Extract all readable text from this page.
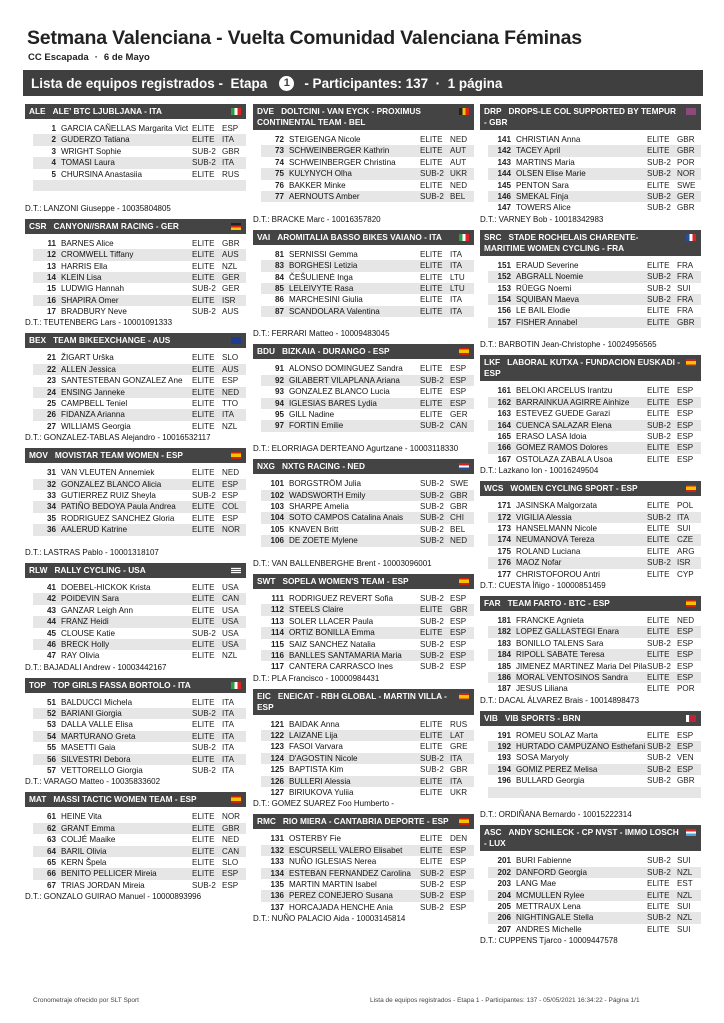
Setmana Valenciana - Vuelta Comunidad Valenciana Féminas
CC Escapada · 6 de Mayo
Lista de equipos registrados -  Etapa	1	- Participantes: 137  ·  1 página
ALE ALE' BTC LJUBLJANA - ITA
1 GARCIA CAÑELLAS Margarita Vict ELITE ESP
2 GUDERZO Tatiana	ELITE ITA
3 WRIGHT Sophie	SUB-2 GBR
4 TOMASI Laura	SUB-2 ITA
5 CHURSINA Anastasiia	ELITE RUS
D.T.: LANZONI Giuseppe - 10035804805
CSR CANYON//SRAM RACING - GER
11 BARNES Alice	ELITE GBR
12 CROMWELL Tiffany	ELITE AUS
13 HARRIS Ella	ELITE NZL
14 KLEIN Lisa	ELITE GER
15 LUDWIG Hannah	SUB-2 GER
16 SHAPIRA Omer	ELITE ISR
17 BRADBURY Neve	SUB-2 AUS
D.T.: TEUTENBERG Lars - 10001091333
BEX TEAM BIKEEXCHANGE - AUS
21 ŽIGART Urška	ELITE SLO
22 ALLEN Jessica	ELITE AUS
23 SANTESTEBAN GONZALEZ Ane	ELITE ESP
24 ENSING Janneke	ELITE NED
25 CAMPBELL Teniel	ELITE TTO
26 FIDANZA Arianna	ELITE ITA
27 WILLIAMS Georgia	ELITE NZL
D.T.: GONZALEZ-TABLAS Alejandro - 10016532117
MOV MOVISTAR TEAM WOMEN - ESP
31 VAN VLEUTEN Annemiek	ELITE NED
32 GONZALEZ BLANCO Alicia	ELITE ESP
33 GUTIERREZ RUIZ Sheyla	SUB-2 ESP
34 PATIÑO BEDOYA Paula Andrea	ELITE COL
35 RODRIGUEZ SANCHEZ Gloria	ELITE ESP
36 AALERUD Katrine	ELITE NOR
D.T.: LASTRAS Pablo - 10001318107
RLW RALLY CYCLING - USA
41 DOEBEL-HICKOK Krista	ELITE USA
42 POIDEVIN Sara	ELITE CAN
43 GANZAR Leigh Ann	ELITE USA
44 FRANZ Heidi	ELITE USA
45 CLOUSE Katie	SUB-2 USA
46 BRECK Holly	ELITE USA
47 RAY Olivia	ELITE NZL
D.T.: BAJADALI Andrew - 10003442167
TOP TOP GIRLS FASSA BORTOLO - ITA
51 BALDUCCI Michela	ELITE ITA
52 BARIANI Giorgia	SUB-2 ITA
53 DALLA VALLE Elisa	ELITE ITA
54 MARTURANO Greta	ELITE ITA
55 MASETTI Gaia	SUB-2 ITA
56 SILVESTRI Debora	ELITE ITA
57 VETTORELLO Giorgia	SUB-2 ITA
D.T.: VARAGO Matteo - 10035833602
MAT MASSI TACTIC WOMEN TEAM - ESP
61 HEINE Vita	ELITE NOR
62 GRANT Emma	ELITE GBR
63 COLJÉ Maaike	ELITE NED
64 BARIL Olivia	ELITE CAN
65 KERN Špela	ELITE SLO
66 BENITO PELLICER Mireia	ELITE ESP
67 TRIAS JORDAN Mireia	SUB-2 ESP
D.T.: GONZALO GUIRAO Manuel - 10000893996
DVE DOLTCINI - VAN EYCK - PROXIMUS CONTINENTAL TEAM - BEL
72 STEIGENGA Nicole	ELITE NED
73 SCHWEINBERGER Kathrin	ELITE AUT
74 SCHWEINBERGER Christina	ELITE AUT
75 KULYNYCH Olha	SUB-2 UKR
76 BAKKER Minke	ELITE NED
77 AERNOUTS Amber	SUB-2 BEL
D.T.: BRACKE Marc - 10016357820
VAI AROMITALIA BASSO BIKES VAIANO - ITA
81 SERNISSI Gemma	ELITE ITA
83 BORGHESI Letizia	ELITE ITA
84 ČEŠULIENĖ Inga	ELITE LTU
85 LELEIVYTE Rasa	ELITE LTU
86 MARCHESINI Giulia	ELITE ITA
87 SCANDOLARA Valentina	ELITE ITA
D.T.: FERRARI Matteo - 10009483045
BDU BIZKAIA - DURANGO - ESP
91 ALONSO DOMINGUEZ Sandra	ELITE ESP
92 GILABERT VILAPLANA Ariana	SUB-2 ESP
93 GONZALEZ BLANCO Lucia	ELITE ESP
94 IGLESIAS BARES Lydia	ELITE ESP
95 GILL Nadine	ELITE GER
97 FORTIN Emilie	SUB-2 CAN
D.T.: ELORRIAGA DERTEANO Agurtzane - 10003118330
NXG NXTG RACING - NED
101 BORGSTRÖM Julia	SUB-2 SWE
102 WADSWORTH Emily	SUB-2 GBR
103 SHARPE Amelia	SUB-2 GBR
104 SOTO CAMPOS Catalina Anais	SUB-2 CHI
105 KNAVEN Britt	SUB-2 BEL
106 DE ZOETE Mylene	SUB-2 NED
D.T.: VAN BALLENBERGHE Brent - 10003096001
SWT SOPELA WOMEN'S TEAM - ESP
111 RODRIGUEZ REVERT Sofia	SUB-2 ESP
112 STEELS Claire	ELITE GBR
113 SOLER LLACER Paula	SUB-2 ESP
114 ORTIZ BONILLA Emma	ELITE ESP
115 SAIZ SANCHEZ Natalia	SUB-2 ESP
116 BANLLES SANTAMARIA Maria	SUB-2 ESP
117 CANTERA CARRASCO Ines	SUB-2 ESP
D.T.: PLA Francisco - 10000984431
EIC ENEICAT - RBH GLOBAL - MARTIN VILLA - ESP
121 BAIDAK Anna	ELITE RUS
122 LAIZANE Lija	ELITE LAT
123 FASOI Varvara	ELITE GRE
124 D'AGOSTIN Nicole	SUB-2 ITA
125 BAPTISTA Kim	SUB-2 GBR
126 BULLERI Alessia	ELITE ITA
127 BIRIUKOVA Yuliia	ELITE UKR
D.T.: GOMEZ SUAREZ Foo Humberto -
RMC RIO MIERA - CANTABRIA DEPORTE - ESP
131 OSTERBY Fie	ELITE DEN
132 ESCURSELL VALERO Elisabet	ELITE ESP
133 NUÑO IGLESIAS Nerea	ELITE ESP
134 ESTEBAN FERNANDEZ Carolina	SUB-2 ESP
135 MARTIN MARTIN Isabel	SUB-2 ESP
136 PEREZ CONEJERO Susana	SUB-2 ESP
137 HORCAJADA HENCHE Ania	SUB-2 ESP
D.T.: NUÑO PALACIO Aida - 10003145814
DRP DROPS-LE COL SUPPORTED BY TEMPUR - GBR
141 CHRISTIAN Anna	ELITE GBR
142 TACEY April	ELITE GBR
143 MARTINS Maria	SUB-2 POR
144 OLSEN Elise Marie	SUB-2 NOR
145 PENTON Sara	ELITE SWE
146 SMEKAL Finja	SUB-2 GER
147 TOWERS Alice	SUB-2 GBR
D.T.: VARNEY Bob - 10018342983
SRC STADE ROCHELAIS CHARENTE- MARITIME WOMEN CYCLING - FRA
151 ERAUD Severine	ELITE FRA
152 ABGRALL Noemie	SUB-2 FRA
153 RÜEGG Noemi	SUB-2 SUI
154 SQUIBAN Maeva	SUB-2 FRA
156 LE BAIL Elodie	ELITE FRA
157 FISHER Annabel	ELITE GBR
D.T.: BARBOTIN Jean-Christophe - 10024956565
LKF LABORAL KUTXA - FUNDACION EUSKADI - ESP
161 BELOKI ARCELUS Irantzu	ELITE ESP
162 BARRAINKUA AGIRRE Ainhize	ELITE ESP
163 ESTEVEZ GUEDE Garazi	ELITE ESP
164 CUENCA SALAZAR Elena	SUB-2 ESP
165 ERASO LASA Idoia	SUB-2 ESP
166 GOMEZ RAMOS Dolores	ELITE ESP
167 OSTOLAZA ZABALA Usoa	ELITE ESP
D.T.: Lazkano Ion - 10016249504
WCS WOMEN CYCLING SPORT - ESP
171 JASINSKA Malgorzata	ELITE POL
172 VIGILIA Alessia	SUB-2 ITA
173 HANSELMANN Nicole	ELITE SUI
174 NEUMANOVÁ Tereza	ELITE CZE
175 ROLAND Luciana	ELITE ARG
176 MAOZ Nofar	SUB-2 ISR
177 CHRISTOFOROU Antri	ELITE CYP
D.T.: CUESTA Íñigo - 10000851459
FAR TEAM FARTO - BTC - ESP
181 FRANCKE Agnieta	ELITE NED
182 LOPEZ GALLASTEGI Enara	ELITE ESP
183 BONILLO TALENS Sara	SUB-2 ESP
184 RIPOLL SABATE Teresa	ELITE ESP
185 JIMENEZ MARTINEZ Maria Del Pila SUB-2 ESP
186 MORAL VENTOSINOS Sandra	ELITE ESP
187 JESUS Liliana	ELITE POR
D.T.: DACAL ÁLVAREZ Brais - 10014898473
VIB VIB SPORTS - BRN
191 ROMEU SOLAZ Marta	ELITE ESP
192 HURTADO CAMPUZANO Esthefani SUB-2 ESP
193 SOSA Maryoly	SUB-2 VEN
194 GOMIZ PEREZ Melisa	SUB-2 ESP
196 BULLARD Georgia	SUB-2 GBR
D.T.: ORDIÑANA Bernardo - 10015222314
ASC ANDY SCHLECK - CP NVST - IMMO LOSCH - LUX
201 BURI Fabienne	SUB-2 SUI
202 DANFORD Georgia	SUB-2 NZL
203 LANG Mae	ELITE EST
204 MCMULLEN Rylee	ELITE NZL
205 METTRAUX Lena	ELITE SUI
206 NIGHTINGALE Stella	SUB-2 NZL
207 ANDRES Michelle	ELITE SUI
D.T.: CUPPENS Tjarco - 10009447578
Cronometraje ofrecido por SLT Sport	Lista de equipos registrados - Etapa 1 - Participantes: 137 - 05/05/2021 16:34:22 - Página 1/1
